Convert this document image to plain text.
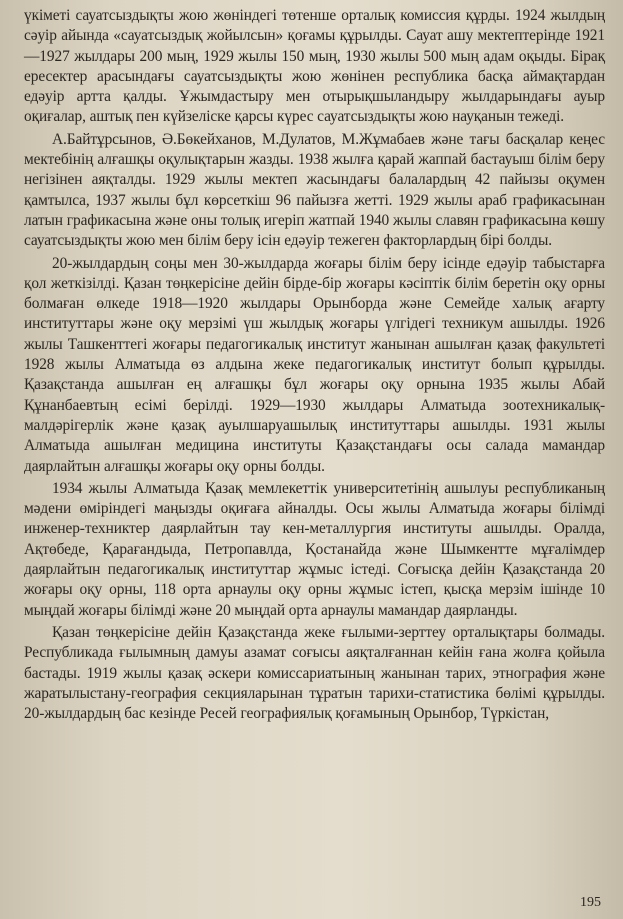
үкіметі сауатсыздықты жою жөніндегі төтенше орталық комиссия құрды. 1924 жылдың сәуір айында «сауатсыздық жойылсын» қоғамы құрылды. Сауат ашу мектептерінде 1921—1927 жылдары 200 мың, 1929 жылы 150 мың, 1930 жылы 500 мың адам оқыды. Бірақ ересектер арасындағы сауатсыздықты жою жөнінен республика басқа аймақтардан едәуір артта қалды. Ұжымдастыру мен отырықшыландыру жылдарындағы ауыр оқиғалар, аштық пен күйзеліске қарсы күрес сауатсыздықты жою науқанын тежеді.

А.Байтұрсынов, Ә.Бөкейханов, М.Дулатов, М.Жұмабаев және тағы басқалар кеңес мектебінің алғашқы оқулықтарын жазды. 1938 жылға қарай жаппай бастауыш білім беру негізінен аяқталды. 1929 жылы мектеп жасындағы балалардың 42 пайызы оқумен қамтылса, 1937 жылы бұл көрсеткіш 96 пайызға жетті. 1929 жылы араб графикасынан латын графикасына және оны толық игеріп жатпай 1940 жылы славян графикасына көшу сауатсыздықты жою мен білім беру ісін едәуір тежеген факторлардың бірі болды.

20-жылдардың соңы мен 30-жылдарда жоғары білім беру ісінде едәуір табыстарға қол жеткізілді. Қазан төңкерісіне дейін бірде-бір жоғары кәсіптік білім беретін оқу орны болмаған өлкеде 1918—1920 жылдары Орынборда және Семейде халық ағарту институттары және оқу мерзімі үш жылдық жоғары үлгідегі техникум ашылды. 1926 жылы Ташкенттегі жоғары педагогикалық институт жанынан ашылған қазақ факультеті 1928 жылы Алматыда өз алдына жеке педагогикалық институт болып құрылды. Қазақстанда ашылған ең алғашқы бұл жоғары оқу орнына 1935 жылы Абай Құнанбаевтың есімі берілді. 1929—1930 жылдары Алматыда зоотехникалық-малдәрігерлік және қазақ ауылшаруашылық институттары ашылды. 1931 жылы Алматыда ашылған медицина институты Қазақстандағы осы салада мамандар даярлайтын алғашқы жоғары оқу орны болды.

1934 жылы Алматыда Қазақ мемлекеттік университетінің ашылуы республиканың мәдени өміріндегі маңызды оқиғаға айналды. Осы жылы Алматыда жоғары білімді инженер-техниктер даярлайтын тау кен-металлургия институты ашылды. Оралда, Ақтөбеде, Қарағандыда, Петропавлда, Қостанайда және Шымкентте мұғалімдер даярлайтын педагогикалық институттар жұмыс істеді. Соғысқа дейін Қазақстанда 20 жоғары оқу орны, 118 орта арнаулы оқу орны жұмыс істеп, қысқа мерзім ішінде 10 мыңдай жоғары білімді және 20 мыңдай орта арнаулы мамандар даярланды.

Қазан төңкерісіне дейін Қазақстанда жеке ғылыми-зерттеу орталықтары болмады. Республикада ғылымның дамуы азамат соғысы аяқталғаннан кейін ғана жолға қойыла бастады. 1919 жылы қазақ әскери комиссариатының жанынан тарих, этнография және жаратылыстану-география секцияларынан тұратын тарихи-статистика бөлімі құрылды. 20-жылдардың бас кезінде Ресей географиялық қоғамының Орынбор, Түркістан,

195
